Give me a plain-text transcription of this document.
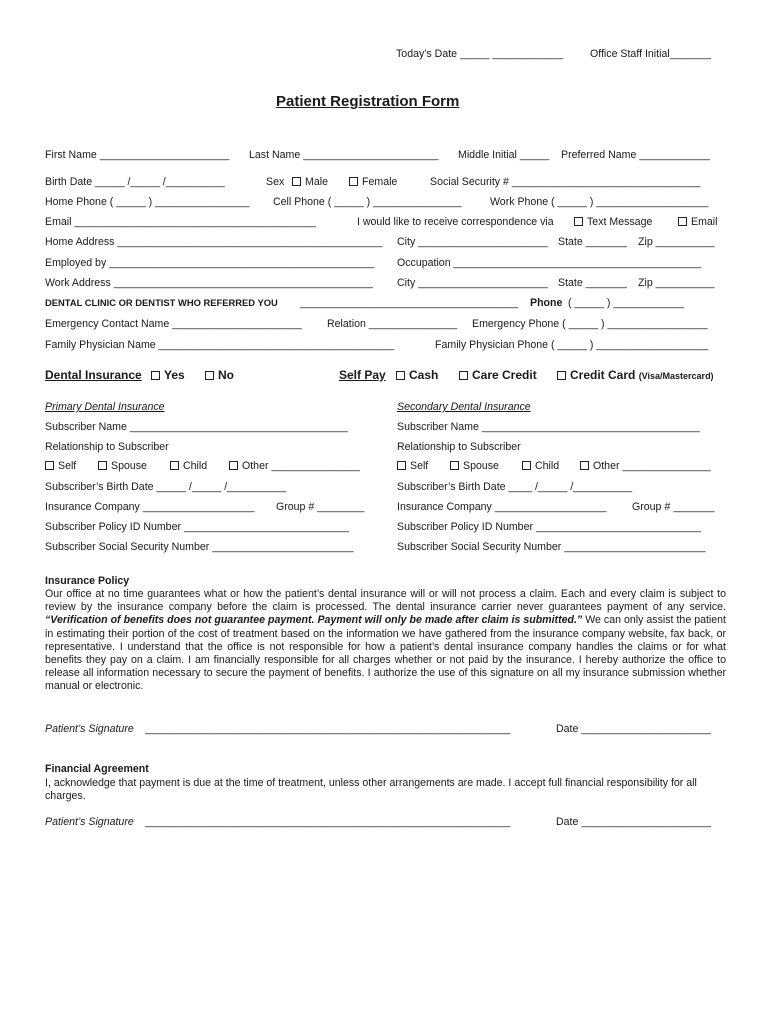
Today’s Date _____ ____________	Office Staff Initial_______
Patient Registration Form
First Name ______________________ Last Name _______________________ Middle Initial _____ Preferred Name ____________
Birth Date _____ /_____ /__________	Sex	Male	Female	Social Security # ________________________________
Home Phone ( _____ ) ________________ Cell Phone ( _____ ) _______________	Work Phone ( _____ ) ___________________
Email _________________________________________	I would like to receive correspondence via	Text Message	Email
Home Address _____________________________________________ City ______________________ State _______ Zip __________
Employed by _____________________________________________ Occupation __________________________________________
Work Address ____________________________________________ City ______________________ State _______ Zip __________
DENTAL CLINIC OR DENTIST WHO REFERRED YOU _____________________________________ Phone ( _____ ) ____________
Emergency Contact Name ______________________ Relation _______________ Emergency Phone ( _____ ) _________________
Family Physician Name ________________________________________	Family Physician Phone ( _____ ) ___________________
Dental Insurance	Yes	No	Self Pay	Cash	Care Credit	Credit Card (Visa/Mastercard)
Primary Dental Insurance
Subscriber Name _____________________________________
Relationship to Subscriber
Self	Spouse	Child	Other _______________
Subscriber’s Birth Date _____ /_____ /__________
Insurance Company ___________________ Group # ________
Subscriber Policy ID Number ____________________________
Subscriber Social Security Number ________________________
Secondary Dental Insurance
Subscriber Name _____________________________________
Relationship to Subscriber
Self	Spouse	Child	Other _______________
Subscriber’s Birth Date ____ /_____ /__________
Insurance Company ___________________ Group # _______
Subscriber Policy ID Number ____________________________
Subscriber Social Security Number ________________________
Insurance Policy
Our office at no time guarantees what or how the patient’s dental insurance will or will not process a claim. Each and every claim is subject to review by the insurance company before the claim is processed. The dental insurance carrier never guarantees payment of any service. “Verification of benefits does not guarantee payment. Payment will only be made after claim is submitted.” We can only assist the patient in estimating their portion of the cost of treatment based on the information we have gathered from the insurance company website, fax back, or representative. I understand that the office is not responsible for how a patient’s dental insurance company handles the claims or for what benefits they pay on a claim. I am financially responsible for all charges whether or not paid by the insurance. I hereby authorize the office to release all information necessary to secure the payment of benefits. I authorize the use of this signature on all my insurance submission whether manual or electronic.
Patient’s Signature ______________________________________________________________	Date ______________________
Financial Agreement
I, acknowledge that payment is due at the time of treatment, unless other arrangements are made. I accept full financial responsibility for all charges.
Patient’s Signature ______________________________________________________________	Date ______________________
